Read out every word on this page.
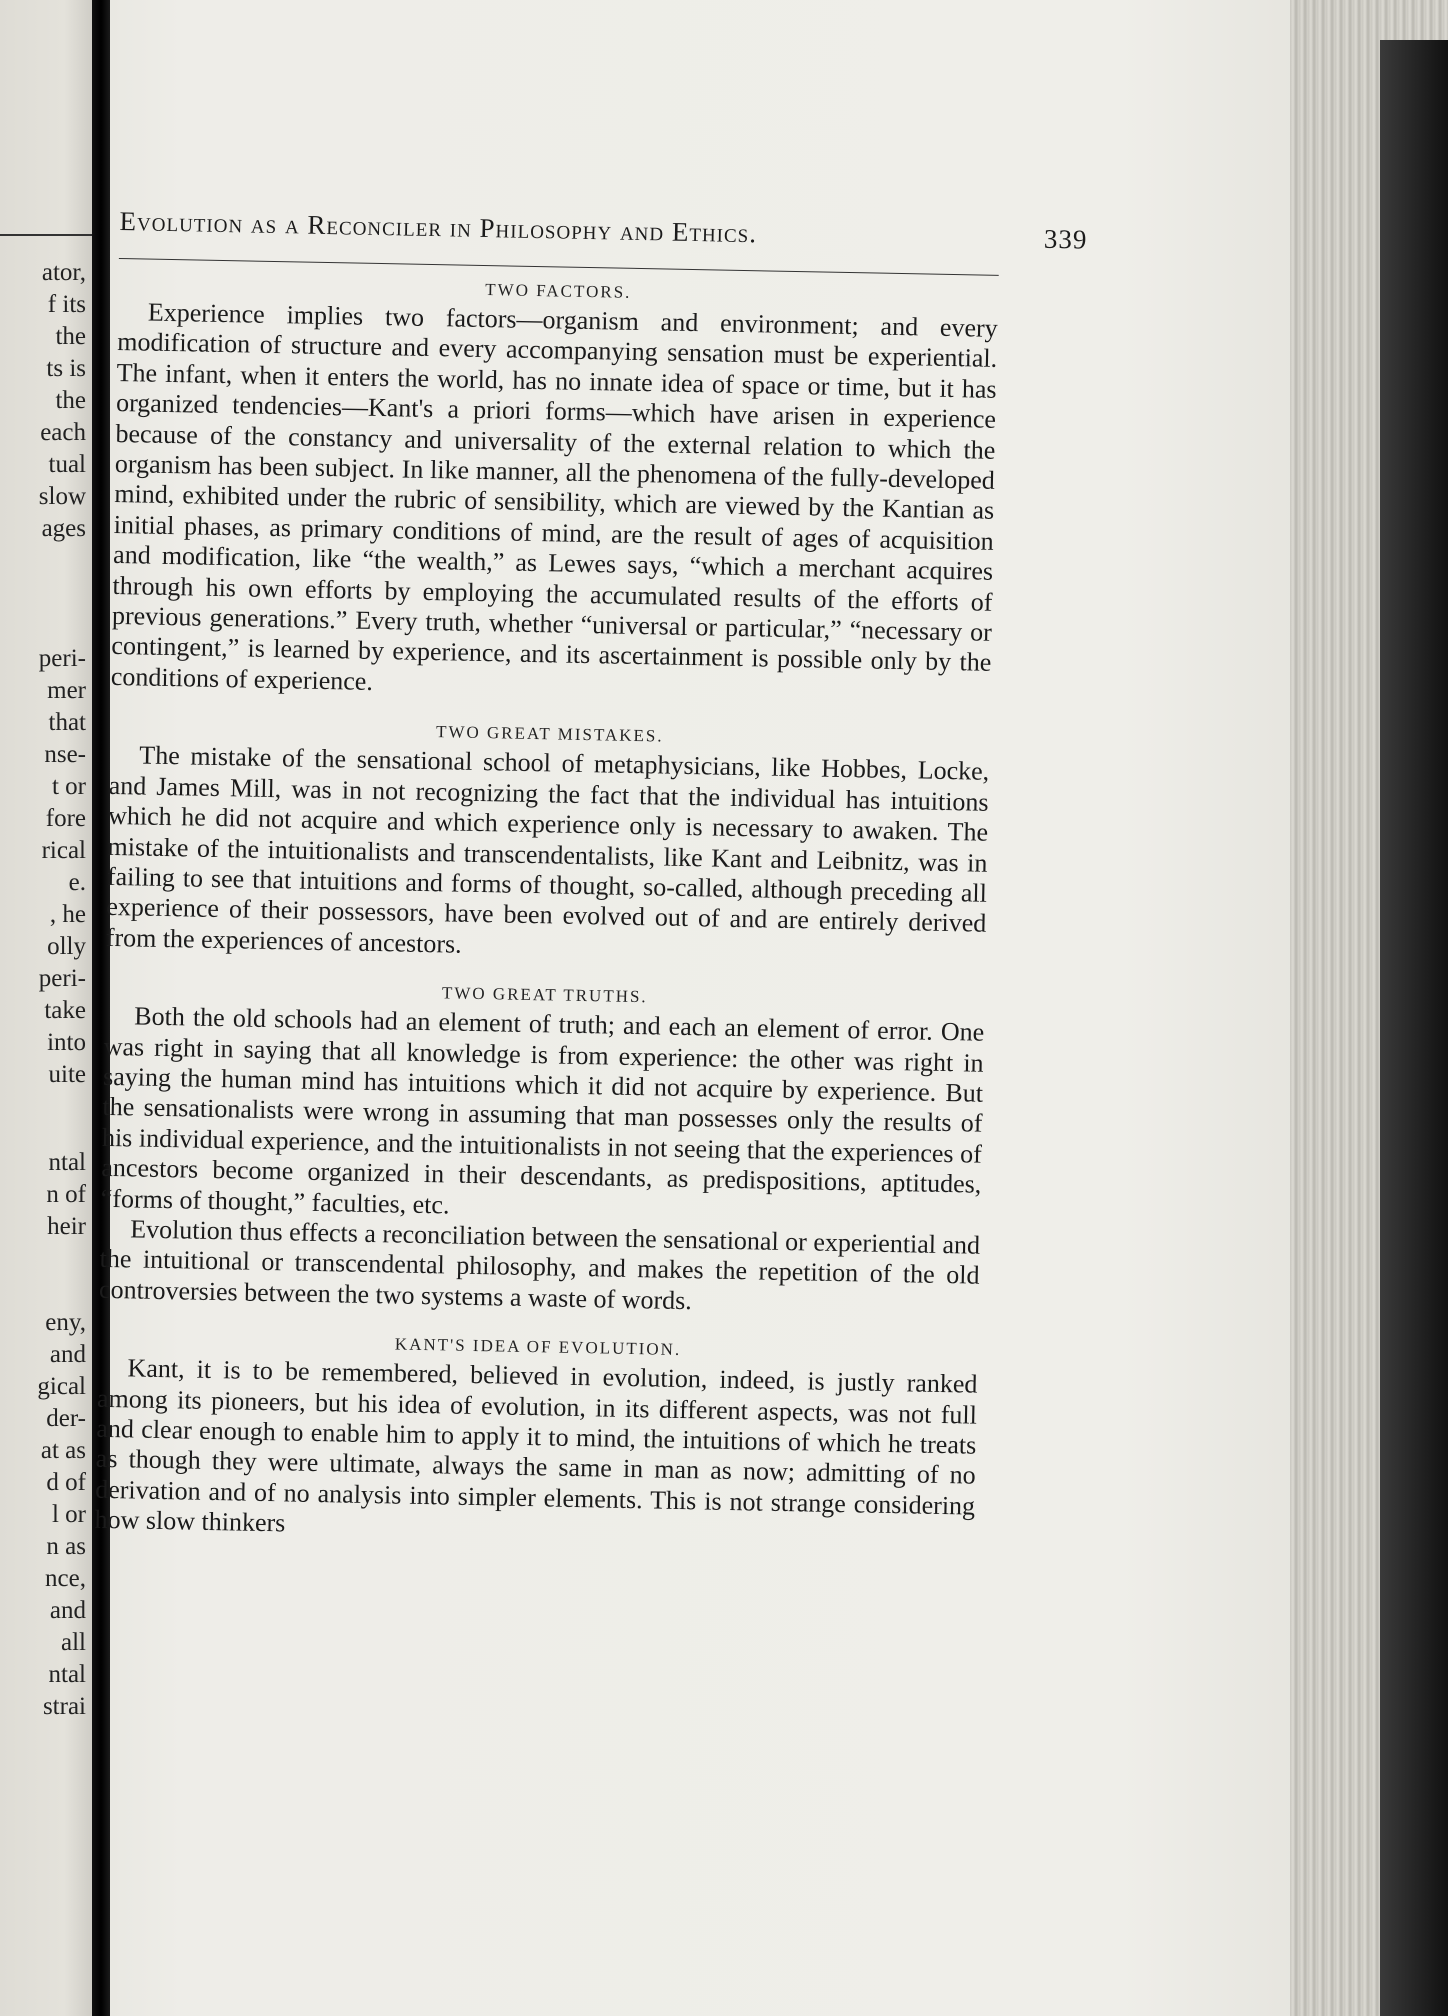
ator,
f its
the
ts is
the
each
tual
slow
ages
peri-
mer
that
nse-
t or
fore
rical
e.
, he
olly
peri-
take
into
uite
ntal
n of
heir
eny,
and
gical
der-
at as
d of
l or
n as
nce,
and
all
ntal
strai
Evolution as a Reconciler in Philosophy and Ethics.	339
TWO FACTORS.

Experience implies two factors—organism and environment; and every modification of structure and every accompanying sensation must be experiential. The infant, when it enters the world, has no innate idea of space or time, but it has organized tendencies—Kant's a priori forms—which have arisen in experience because of the constancy and universality of the external relation to which the organism has been subject. In like manner, all the phenomena of the fully-developed mind, exhibited under the rubric of sensibility, which are viewed by the Kantian as initial phases, as primary conditions of mind, are the result of ages of acquisition and modification, like “the wealth,” as Lewes says, “which a merchant acquires through his own efforts by employing the accumulated results of the efforts of previous generations.” Every truth, whether “universal or particular,” “necessary or contingent,” is learned by experience, and its ascertainment is possible only by the conditions of experience.

TWO GREAT MISTAKES.

The mistake of the sensational school of metaphysicians, like Hobbes, Locke, and James Mill, was in not recognizing the fact that the individual has intuitions which he did not acquire and which experience only is necessary to awaken. The mistake of the intuitionalists and transcendentalists, like Kant and Leibnitz, was in failing to see that intuitions and forms of thought, so-called, although preceding all experience of their possessors, have been evolved out of and are entirely derived from the experiences of ancestors.

TWO GREAT TRUTHS.

Both the old schools had an element of truth; and each an element of error. One was right in saying that all knowledge is from experience: the other was right in saying the human mind has intuitions which it did not acquire by experience. But the sensationalists were wrong in assuming that man possesses only the results of his individual experience, and the intuitionalists in not seeing that the experiences of ancestors become organized in their descendants, as predispositions, aptitudes, “forms of thought,” faculties, etc.

Evolution thus effects a reconciliation between the sensational or experiential and the intuitional or transcendental philosophy, and makes the repetition of the old controversies between the two systems a waste of words.

KANT'S IDEA OF EVOLUTION.

Kant, it is to be remembered, believed in evolution, indeed, is justly ranked among its pioneers, but his idea of evolution, in its different aspects, was not full and clear enough to enable him to apply it to mind, the intuitions of which he treats as though they were ultimate, always the same in man as now; admitting of no derivation and of no analysis into simpler elements. This is not strange considering how slow thinkers
